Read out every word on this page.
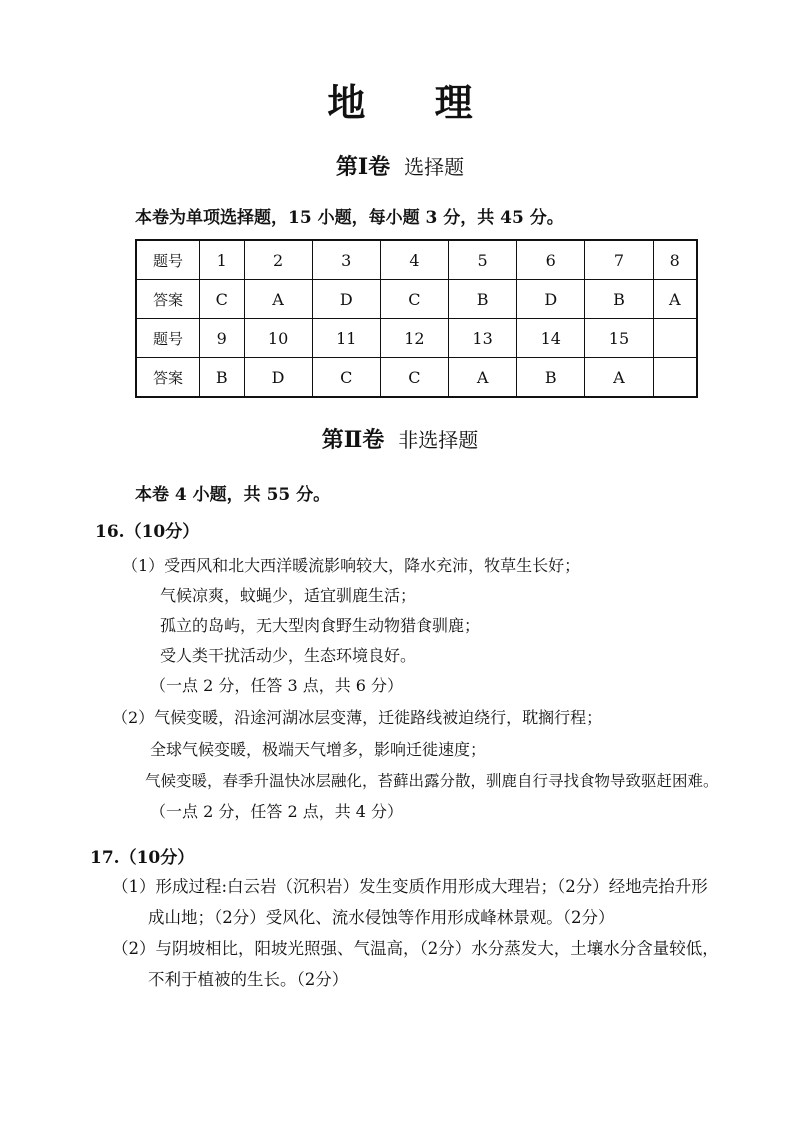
地 理
第Ⅰ卷 选择题
本卷为单项选择题，15 小题，每小题 3 分，共 45 分。
题号	1	2	3	4	5	6	7	8
答案	C	A	D	C	B	D	B	A
题号	9	10	11	12	13	14	15	
答案	B	D	C	C	A	B	A	
第Ⅱ卷 非选择题
本卷 4 小题，共 55 分。
16.（10分）
（1）受西风和北大西洋暖流影响较大，降水充沛，牧草生长好；
气候凉爽，蚊蝇少，适宜驯鹿生活；
孤立的岛屿，无大型肉食野生动物猎食驯鹿；
受人类干扰活动少，生态环境良好。
（一点 2 分，任答 3 点，共 6 分）
（2）气候变暖，沿途河湖冰层变薄，迁徙路线被迫绕行，耽搁行程；
全球气候变暖，极端天气增多，影响迁徙速度；
气候变暖，春季升温快冰层融化，苔藓出露分散，驯鹿自行寻找食物导致驱赶困难。
（一点 2 分，任答 2 点，共 4 分）
17.（10分）
（1）形成过程:白云岩（沉积岩）发生变质作用形成大理岩；（2分）经地壳抬升形
成山地；（2分）受风化、流水侵蚀等作用形成峰林景观。（2分）
（2）与阴坡相比，阳坡光照强、气温高，（2分）水分蒸发大，土壤水分含量较低，
不利于植被的生长。（2分）
